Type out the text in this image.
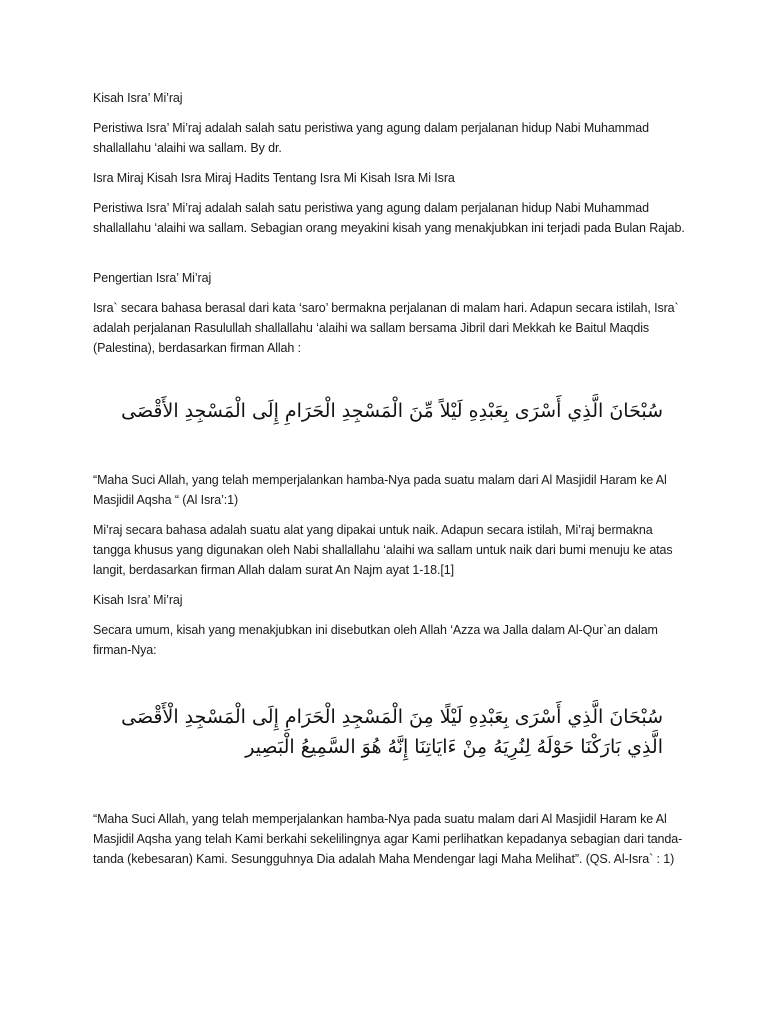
Kisah Isra’ Mi’raj
Peristiwa Isra’ Mi’raj adalah salah satu peristiwa yang agung dalam perjalanan hidup Nabi Muhammad shallallahu ‘alaihi wa sallam. By dr.
Isra Miraj Kisah Isra Miraj Hadits Tentang Isra Mi Kisah Isra Mi Isra
Peristiwa Isra’ Mi’raj adalah salah satu peristiwa yang agung dalam perjalanan hidup Nabi Muhammad shallallahu ‘alaihi wa sallam. Sebagian orang meyakini kisah yang menakjubkan ini terjadi pada Bulan Rajab.
Pengertian Isra’ Mi’raj
Isra` secara bahasa berasal dari kata ‘saro’ bermakna perjalanan di malam hari. Adapun secara istilah, Isra` adalah perjalanan Rasulullah shallallahu ‘alaihi wa sallam bersama Jibril dari Mekkah ke Baitul Maqdis (Palestina), berdasarkan firman Allah :
سُبْحَانَ الَّذِي أَسْرَى بِعَبْدِهِ لَيْلاً مِّنَ الْمَسْجِدِ الْحَرَامِ إِلَى الْمَسْجِدِ الأَقْصَى
“Maha Suci Allah, yang telah memperjalankan hamba-Nya pada suatu malam dari Al Masjidil Haram ke Al Masjidil Aqsha “ (Al Isra’:1)
Mi’raj secara bahasa adalah suatu alat yang dipakai untuk naik. Adapun secara istilah, Mi’raj bermakna tangga khusus yang digunakan oleh Nabi shallallahu ‘alaihi wa sallam untuk naik dari bumi menuju ke atas langit, berdasarkan firman Allah dalam surat An Najm ayat 1-18.[1]
Kisah Isra’ Mi’raj
Secara umum, kisah yang menakjubkan ini disebutkan oleh Allah ‘Azza wa Jalla dalam Al-Qur`an dalam firman-Nya:
سُبْحَانَ الَّذِي أَسْرَى بِعَبْدِهِ لَيْلًا مِنَ الْمَسْجِدِ الْحَرَامِ إِلَى الْمَسْجِدِ الْأَقْصَى
الَّذِي بَارَكْنَا حَوْلَهُ لِنُرِيَهُ مِنْ ءَايَاتِنَا إِنَّهُ هُوَ السَّمِيعُ الْبَصِير
“Maha Suci Allah, yang telah memperjalankan hamba-Nya pada suatu malam dari Al Masjidil Haram ke Al Masjidil Aqsha yang telah Kami berkahi sekelilingnya agar Kami perlihatkan kepadanya sebagian dari tanda-tanda (kebesaran) Kami. Sesungguhnya Dia adalah Maha Mendengar lagi Maha Melihat”. (QS. Al-Isra` : 1)
